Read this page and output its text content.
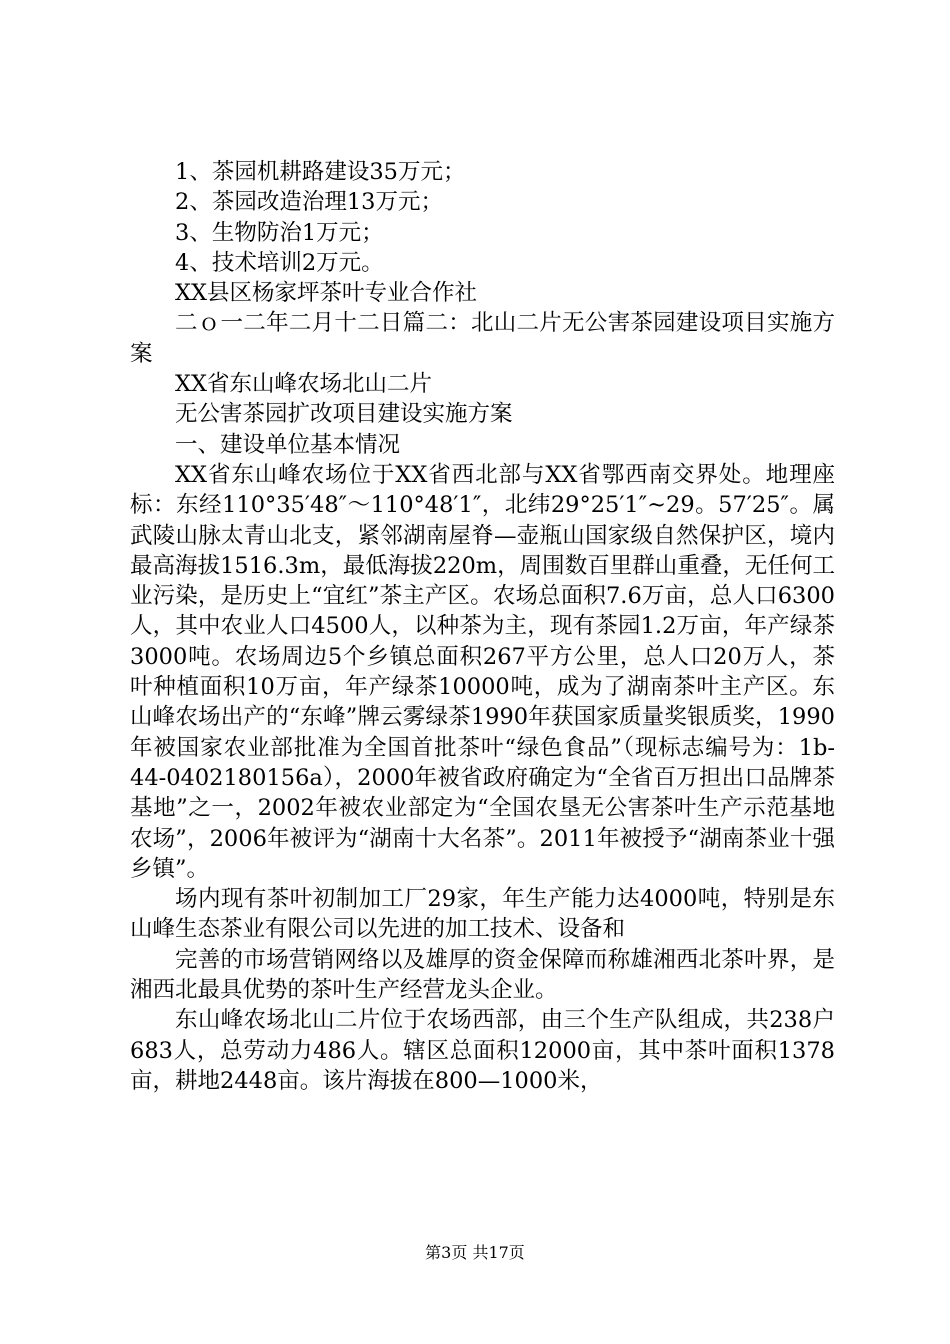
1、茶园机耕路建设35万元；

2、茶园改造治理13万元；

3、生物防治1万元；

4、技术培训2万元。

XX县区杨家坪茶叶专业合作社

二ｏ一二年二月十二日篇二：北山二片无公害茶园建设项目实施方案

XX省东山峰农场北山二片

无公害茶园扩改项目建设实施方案

一、建设单位基本情况

XX省东山峰农场位于XX省西北部与XX省鄂西南交界处。地理座标：东经110°35′48″～110°48′1″，北纬29°25′1″~29。57′25″。属武陵山脉太青山北支，紧邻湖南屋脊—壶瓶山国家级自然保护区，境内最高海拔1516.3m，最低海拔220m，周围数百里群山重叠，无任何工业污染，是历史上“宜红”茶主产区。农场总面积7.6万亩，总人口6300人，其中农业人口4500人，以种茶为主，现有茶园1.2万亩，年产绿茶3000吨。农场周边5个乡镇总面积267平方公里，总人口20万人，茶叶种植面积10万亩，年产绿茶10000吨，成为了湖南茶叶主产区。东山峰农场出产的“东峰”牌云雾绿茶1990年获国家质量奖银质奖，1990年被国家农业部批准为全国首批茶叶“绿色食品”（现标志编号为：1b-44-0402180156a），2000年被省政府确定为“全省百万担出口品牌茶基地”之一，2002年被农业部定为“全国农垦无公害茶叶生产示范基地农场”，2006年被评为“湖南十大名茶”。2011年被授予“湖南茶业十强乡镇”。

场内现有茶叶初制加工厂29家，年生产能力达4000吨，特别是东山峰生态茶业有限公司以先进的加工技术、设备和

完善的市场营销网络以及雄厚的资金保障而称雄湘西北茶叶界，是湘西北最具优势的茶叶生产经营龙头企业。

东山峰农场北山二片位于农场西部，由三个生产队组成，共238户683人，总劳动力486人。辖区总面积12000亩，其中茶叶面积1378亩，耕地2448亩。该片海拔在800—1000米，

第3页 共17页
